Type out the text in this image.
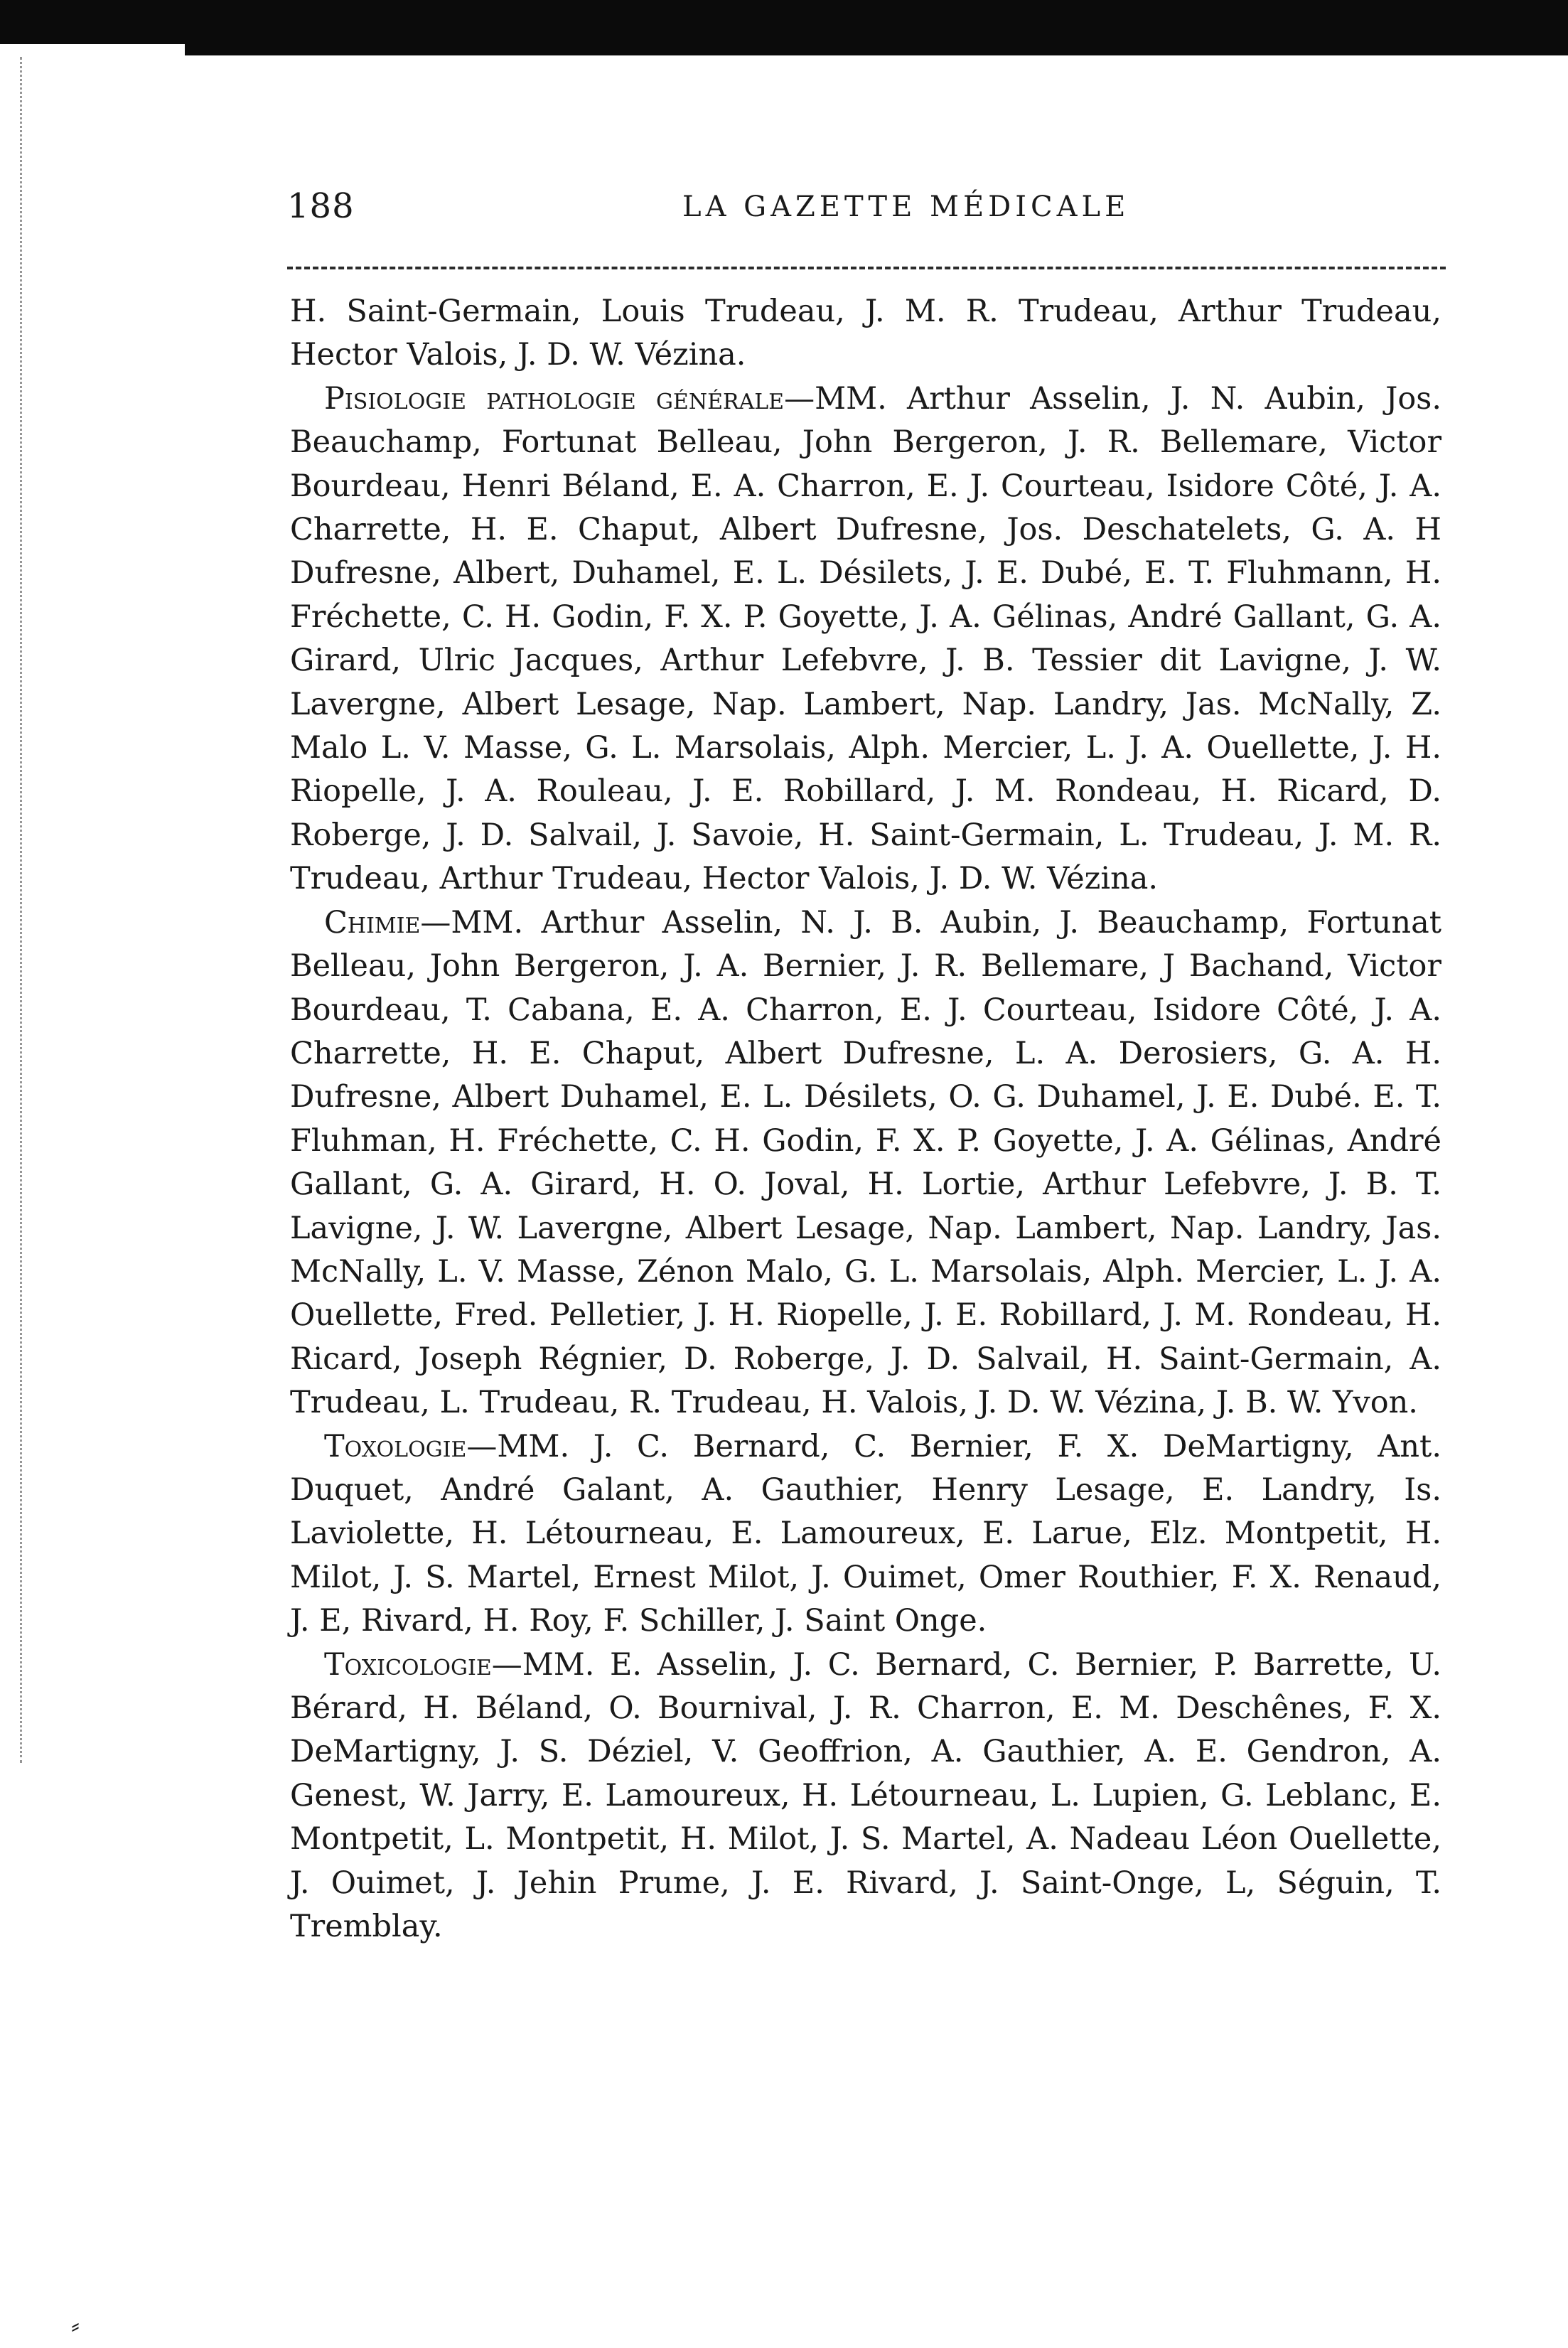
188	LA GAZETTE MÉDICALE

H. Saint-Germain, Louis Trudeau, J. M. R. Trudeau, Arthur Trudeau, Hector Valois, J. D. W. Vézina.

Pisiologie pathologie générale—MM. Arthur Asselin, J. N. Aubin, Jos. Beauchamp, Fortunat Belleau, John Bergeron, J. R. Bellemare, Victor Bourdeau, Henri Béland, E. A. Charron, E. J. Courteau, Isidore Côté, J. A. Charrette, H. E. Chaput, Albert Dufresne, Jos. Deschatelets, G. A. H Dufresne, Albert, Duhamel, E. L. Désilets, J. E. Dubé, E. T. Fluhmann, H. Fréchette, C. H. Godin, F. X. P. Goyette, J. A. Gélinas, André Gallant, G. A. Girard, Ulric Jacques, Arthur Lefebvre, J. B. Tessier dit Lavigne, J. W. Lavergne, Albert Lesage, Nap. Lambert, Nap. Landry, Jas. McNally, Z. Malo L. V. Masse, G. L. Marsolais, Alph. Mercier, L. J. A. Ouellette, J. H. Riopelle, J. A. Rouleau, J. E. Robillard, J. M. Rondeau, H. Ricard, D. Roberge, J. D. Salvail, J. Savoie, H. Saint-Germain, L. Trudeau, J. M. R. Trudeau, Arthur Trudeau, Hector Valois, J. D. W. Vézina.

Chimie—MM. Arthur Asselin, N. J. B. Aubin, J. Beauchamp, Fortunat Belleau, John Bergeron, J. A. Bernier, J. R. Bellemare, J Bachand, Victor Bourdeau, T. Cabana, E. A. Charron, E. J. Courteau, Isidore Côté, J. A. Charrette, H. E. Chaput, Albert Dufresne, L. A. Derosiers, G. A. H. Dufresne, Albert Duhamel, E. L. Désilets, O. G. Duhamel, J. E. Dubé. E. T. Fluhman, H. Fréchette, C. H. Godin, F. X. P. Goyette, J. A. Gélinas, André Gallant, G. A. Girard, H. O. Joval, H. Lortie, Arthur Lefebvre, J. B. T. Lavigne, J. W. Lavergne, Albert Lesage, Nap. Lambert, Nap. Landry, Jas. McNally, L. V. Masse, Zénon Malo, G. L. Marsolais, Alph. Mercier, L. J. A. Ouellette, Fred. Pelletier, J. H. Riopelle, J. E. Robillard, J. M. Rondeau, H. Ricard, Joseph Régnier, D. Roberge, J. D. Salvail, H. Saint-Germain, A. Trudeau, L. Trudeau, R. Trudeau, H. Valois, J. D. W. Vézina, J. B. W. Yvon.

Toxologie—MM. J. C. Bernard, C. Bernier, F. X. DeMartigny, Ant. Duquet, André Galant, A. Gauthier, Henry Lesage, E. Landry, Is. Laviolette, H. Létourneau, E. Lamoureux, E. Larue, Elz. Montpetit, H. Milot, J. S. Martel, Ernest Milot, J. Ouimet, Omer Routhier, F. X. Renaud, J. E, Rivard, H. Roy, F. Schiller, J. Saint Onge.

Toxicologie—MM. E. Asselin, J. C. Bernard, C. Bernier, P. Barrette, U. Bérard, H. Béland, O. Bournival, J. R. Charron, E. M. Deschênes, F. X. DeMartigny, J. S. Déziel, V. Geoffrion, A. Gauthier, A. E. Gendron, A. Genest, W. Jarry, E. Lamoureux, H. Létourneau, L. Lupien, G. Leblanc, E. Montpetit, L. Montpetit, H. Milot, J. S. Martel, A. Nadeau Léon Ouellette, J. Ouimet, J. Jehin Prume, J. E. Rivard, J. Saint-Onge, L, Séguin, T. Tremblay.

⸗
